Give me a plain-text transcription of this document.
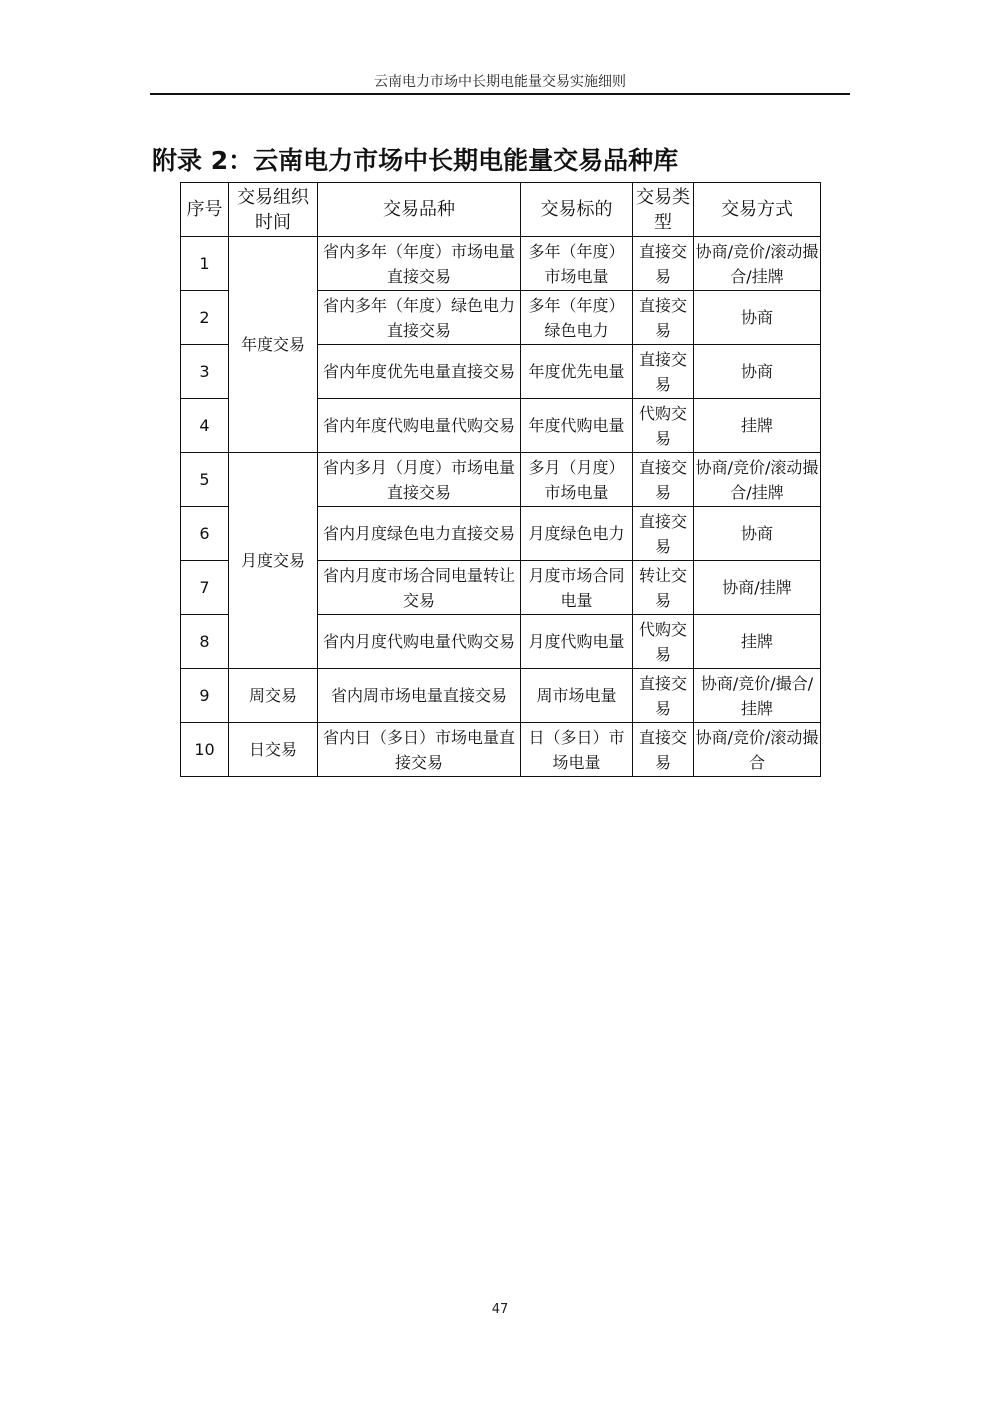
云南电力市场中长期电能量交易实施细则
附录 2：云南电力市场中长期电能量交易品种库
序号	交易组织时间	交易品种	交易标的	交易类型	交易方式
1	年度交易	省内多年（年度）市场电量直接交易	多年（年度）市场电量	直接交易	协商/竞价/滚动撮合/挂牌
2		省内多年（年度）绿色电力直接交易	多年（年度）绿色电力	直接交易	协商
3		省内年度优先电量直接交易	年度优先电量	直接交易	协商
4		省内年度代购电量代购交易	年度代购电量	代购交易	挂牌
5	月度交易	省内多月（月度）市场电量直接交易	多月（月度）市场电量	直接交易	协商/竞价/滚动撮合/挂牌
6		省内月度绿色电力直接交易	月度绿色电力	直接交易	协商
7		省内月度市场合同电量转让交易	月度市场合同电量	转让交易	协商/挂牌
8		省内月度代购电量代购交易	月度代购电量	代购交易	挂牌
9	周交易	省内周市场电量直接交易	周市场电量	直接交易	协商/竞价/撮合/挂牌
10	日交易	省内日（多日）市场电量直接交易	日（多日）市场电量	直接交易	协商/竞价/滚动撮合
47
